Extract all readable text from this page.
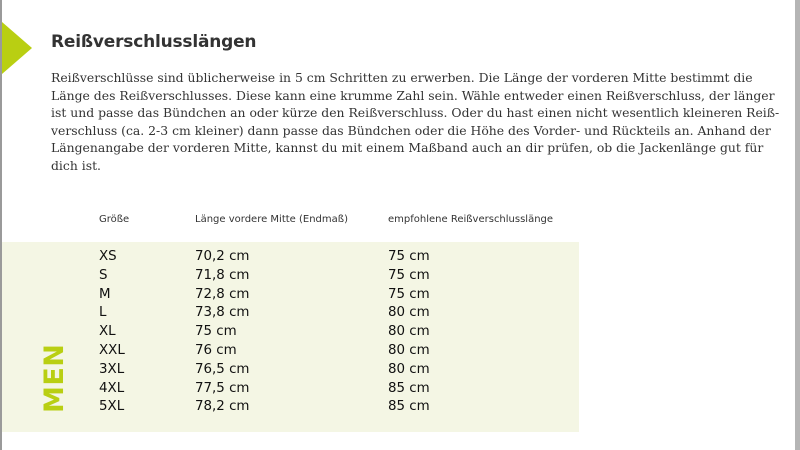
Reißverschlusslängen

Reißverschlüsse sind üblicherweise in 5 cm Schritten zu erwerben. Die Länge der vorderen Mitte bestimmt die
Länge des Reißverschlusses. Diese kann eine krumme Zahl sein. Wähle entweder einen Reißverschluss, der länger
ist und passe das Bündchen an oder kürze den Reißverschluss. Oder du hast einen nicht wesentlich kleineren Reiß-
verschluss (ca. 2-3 cm kleiner) dann passe das Bündchen oder die Höhe des Vorder- und Rückteils an. Anhand der
Längenangabe der vorderen Mitte, kannst du mit einem Maßband auch an dir prüfen, ob die Jackenlänge gut für
dich ist.

Größe	Länge vordere Mitte (Endmaß)	empfohlene Reißverschlusslänge
MEN
XS	70,2 cm	75 cm
S	71,8 cm	75 cm
M	72,8 cm	75 cm
L	73,8 cm	80 cm
XL	75 cm	80 cm
XXL	76 cm	80 cm
3XL	76,5 cm	80 cm
4XL	77,5 cm	85 cm
5XL	78,2 cm	85 cm
